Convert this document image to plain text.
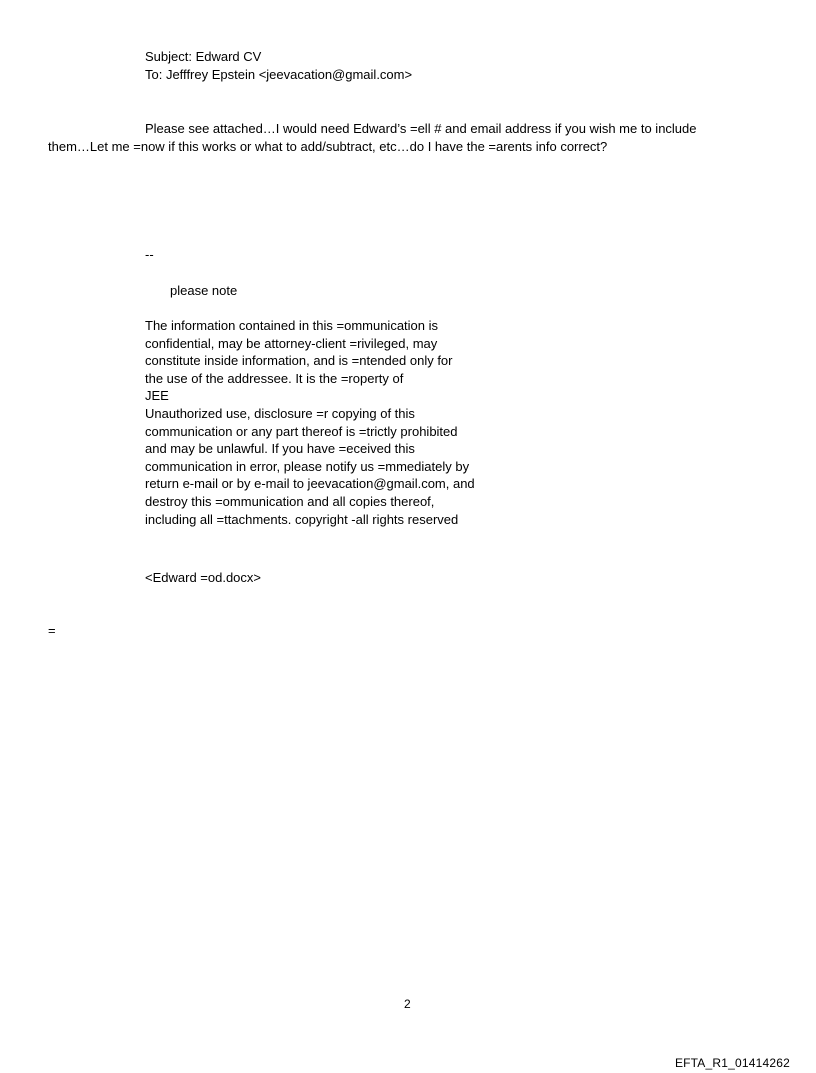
Subject: Edward CV
To: Jefffrey Epstein <jeevacation@gmail.com>

Please see attached…I would need Edward’s =ell # and email address if you wish me to include

them…Let me =now if this works or what to add/subtract, etc…do I have the =arents info correct?

--

please note

The information contained in this =ommunication is
confidential, may be attorney-client =rivileged, may
constitute inside information, and is =ntended only for
the use of the addressee. It is the =roperty of
JEE
Unauthorized use, disclosure =r copying of this
communication or any part thereof is =trictly prohibited
and may be unlawful. If you have =eceived this
communication in error, please notify us =mmediately by
return e-mail or by e-mail to jeevacation@gmail.com, and
destroy this =ommunication and all copies thereof,
including all =ttachments. copyright -all rights reserved

<Edward =od.docx>

=

2

EFTA_R1_01414262
